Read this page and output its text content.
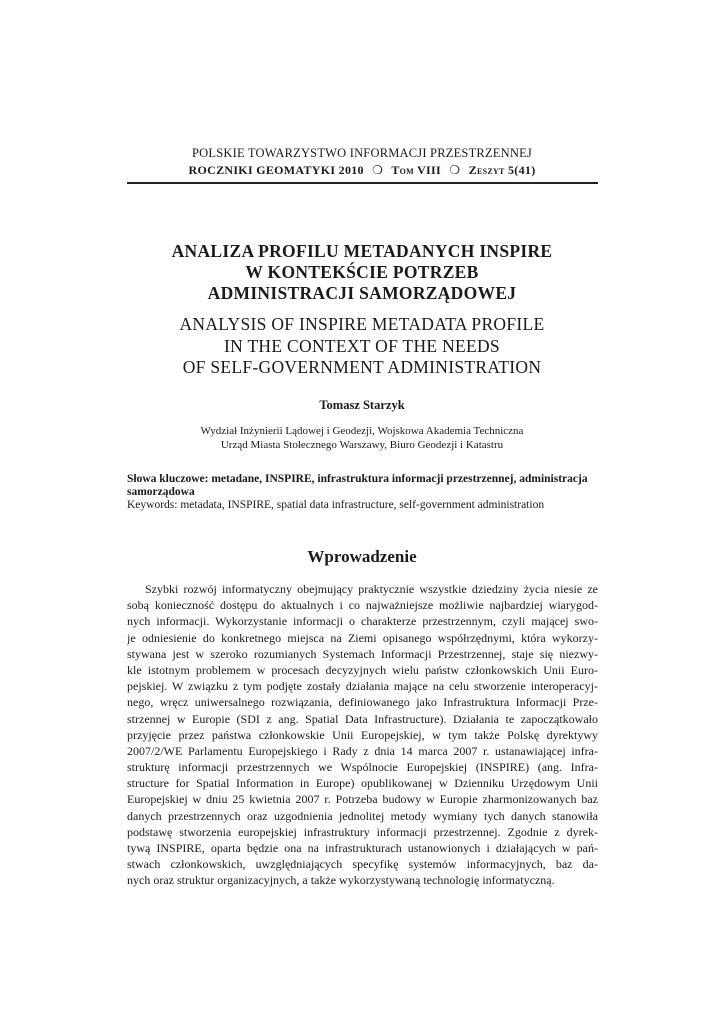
POLSKIE TOWARZYSTWO INFORMACJI PRZESTRZENNEJ
ROCZNIKI GEOMATYKI 2010 ❍ Tom VIII ❍ Zeszyt 5(41)
ANALIZA PROFILU METADANYCH INSPIRE
W KONTEKŚCIE POTRZEB
ADMINISTRACJI SAMORZĄDOWEJ
ANALYSIS OF INSPIRE METADATA PROFILE
IN THE CONTEXT OF THE NEEDS
OF SELF-GOVERNMENT ADMINISTRATION
Tomasz Starzyk
Wydział Inżynierii Lądowej i Geodezji, Wojskowa Akademia Techniczna
Urząd Miasta Stołecznego Warszawy, Biuro Geodezji i Katastru
Słowa kluczowe: metadane, INSPIRE, infrastruktura informacji przestrzennej, administracja
samorządowa
Keywords: metadata, INSPIRE, spatial data infrastructure, self-government administration
Wprowadzenie
Szybki rozwój informatyczny obejmujący praktycznie wszystkie dziedziny życia niesie ze
sobą konieczność dostępu do aktualnych i co najważniejsze możliwie najbardziej wiarygod-
nych informacji. Wykorzystanie informacji o charakterze przestrzennym, czyli mającej swo-
je odniesienie do konkretnego miejsca na Ziemi opisanego współrzędnymi, która wykorzy-
stywana jest w szeroko rozumianych Systemach Informacji Przestrzennej, staje się niezwy-
kle istotnym problemem w procesach decyzyjnych wielu państw członkowskich Unii Euro-
pejskiej. W związku z tym podjęte zostały działania mające na celu stworzenie interoperacyj-
nego, wręcz uniwersalnego rozwiązania, definiowanego jako Infrastruktura Informacji Prze-
strzennej w Europie (SDI z ang. Spatial Data Infrastructure). Działania te zapoczątkowało
przyjęcie przez państwa członkowskie Unii Europejskiej, w tym także Polskę dyrektywy
2007/2/WE Parlamentu Europejskiego i Rady z dnia 14 marca 2007 r. ustanawiającej infra-
strukturę informacji przestrzennych we Wspólnocie Europejskiej (INSPIRE) (ang. Infra-
structure for Spatial Information in Europe) opublikowanej w Dzienniku Urzędowym Unii
Europejskiej w dniu 25 kwietnia 2007 r. Potrzeba budowy w Europie zharmonizowanych baz
danych przestrzennych oraz uzgodnienia jednolitej metody wymiany tych danych stanowiła
podstawę stworzenia europejskiej infrastruktury informacji przestrzennej. Zgodnie z dyrek-
tywą INSPIRE, oparta będzie ona na infrastrukturach ustanowionych i działających w pań-
stwach członkowskich, uwzględniających specyfikę systemów informacyjnych, baz da-
nych oraz struktur organizacyjnych, a także wykorzystywaną technologię informatyczną.
